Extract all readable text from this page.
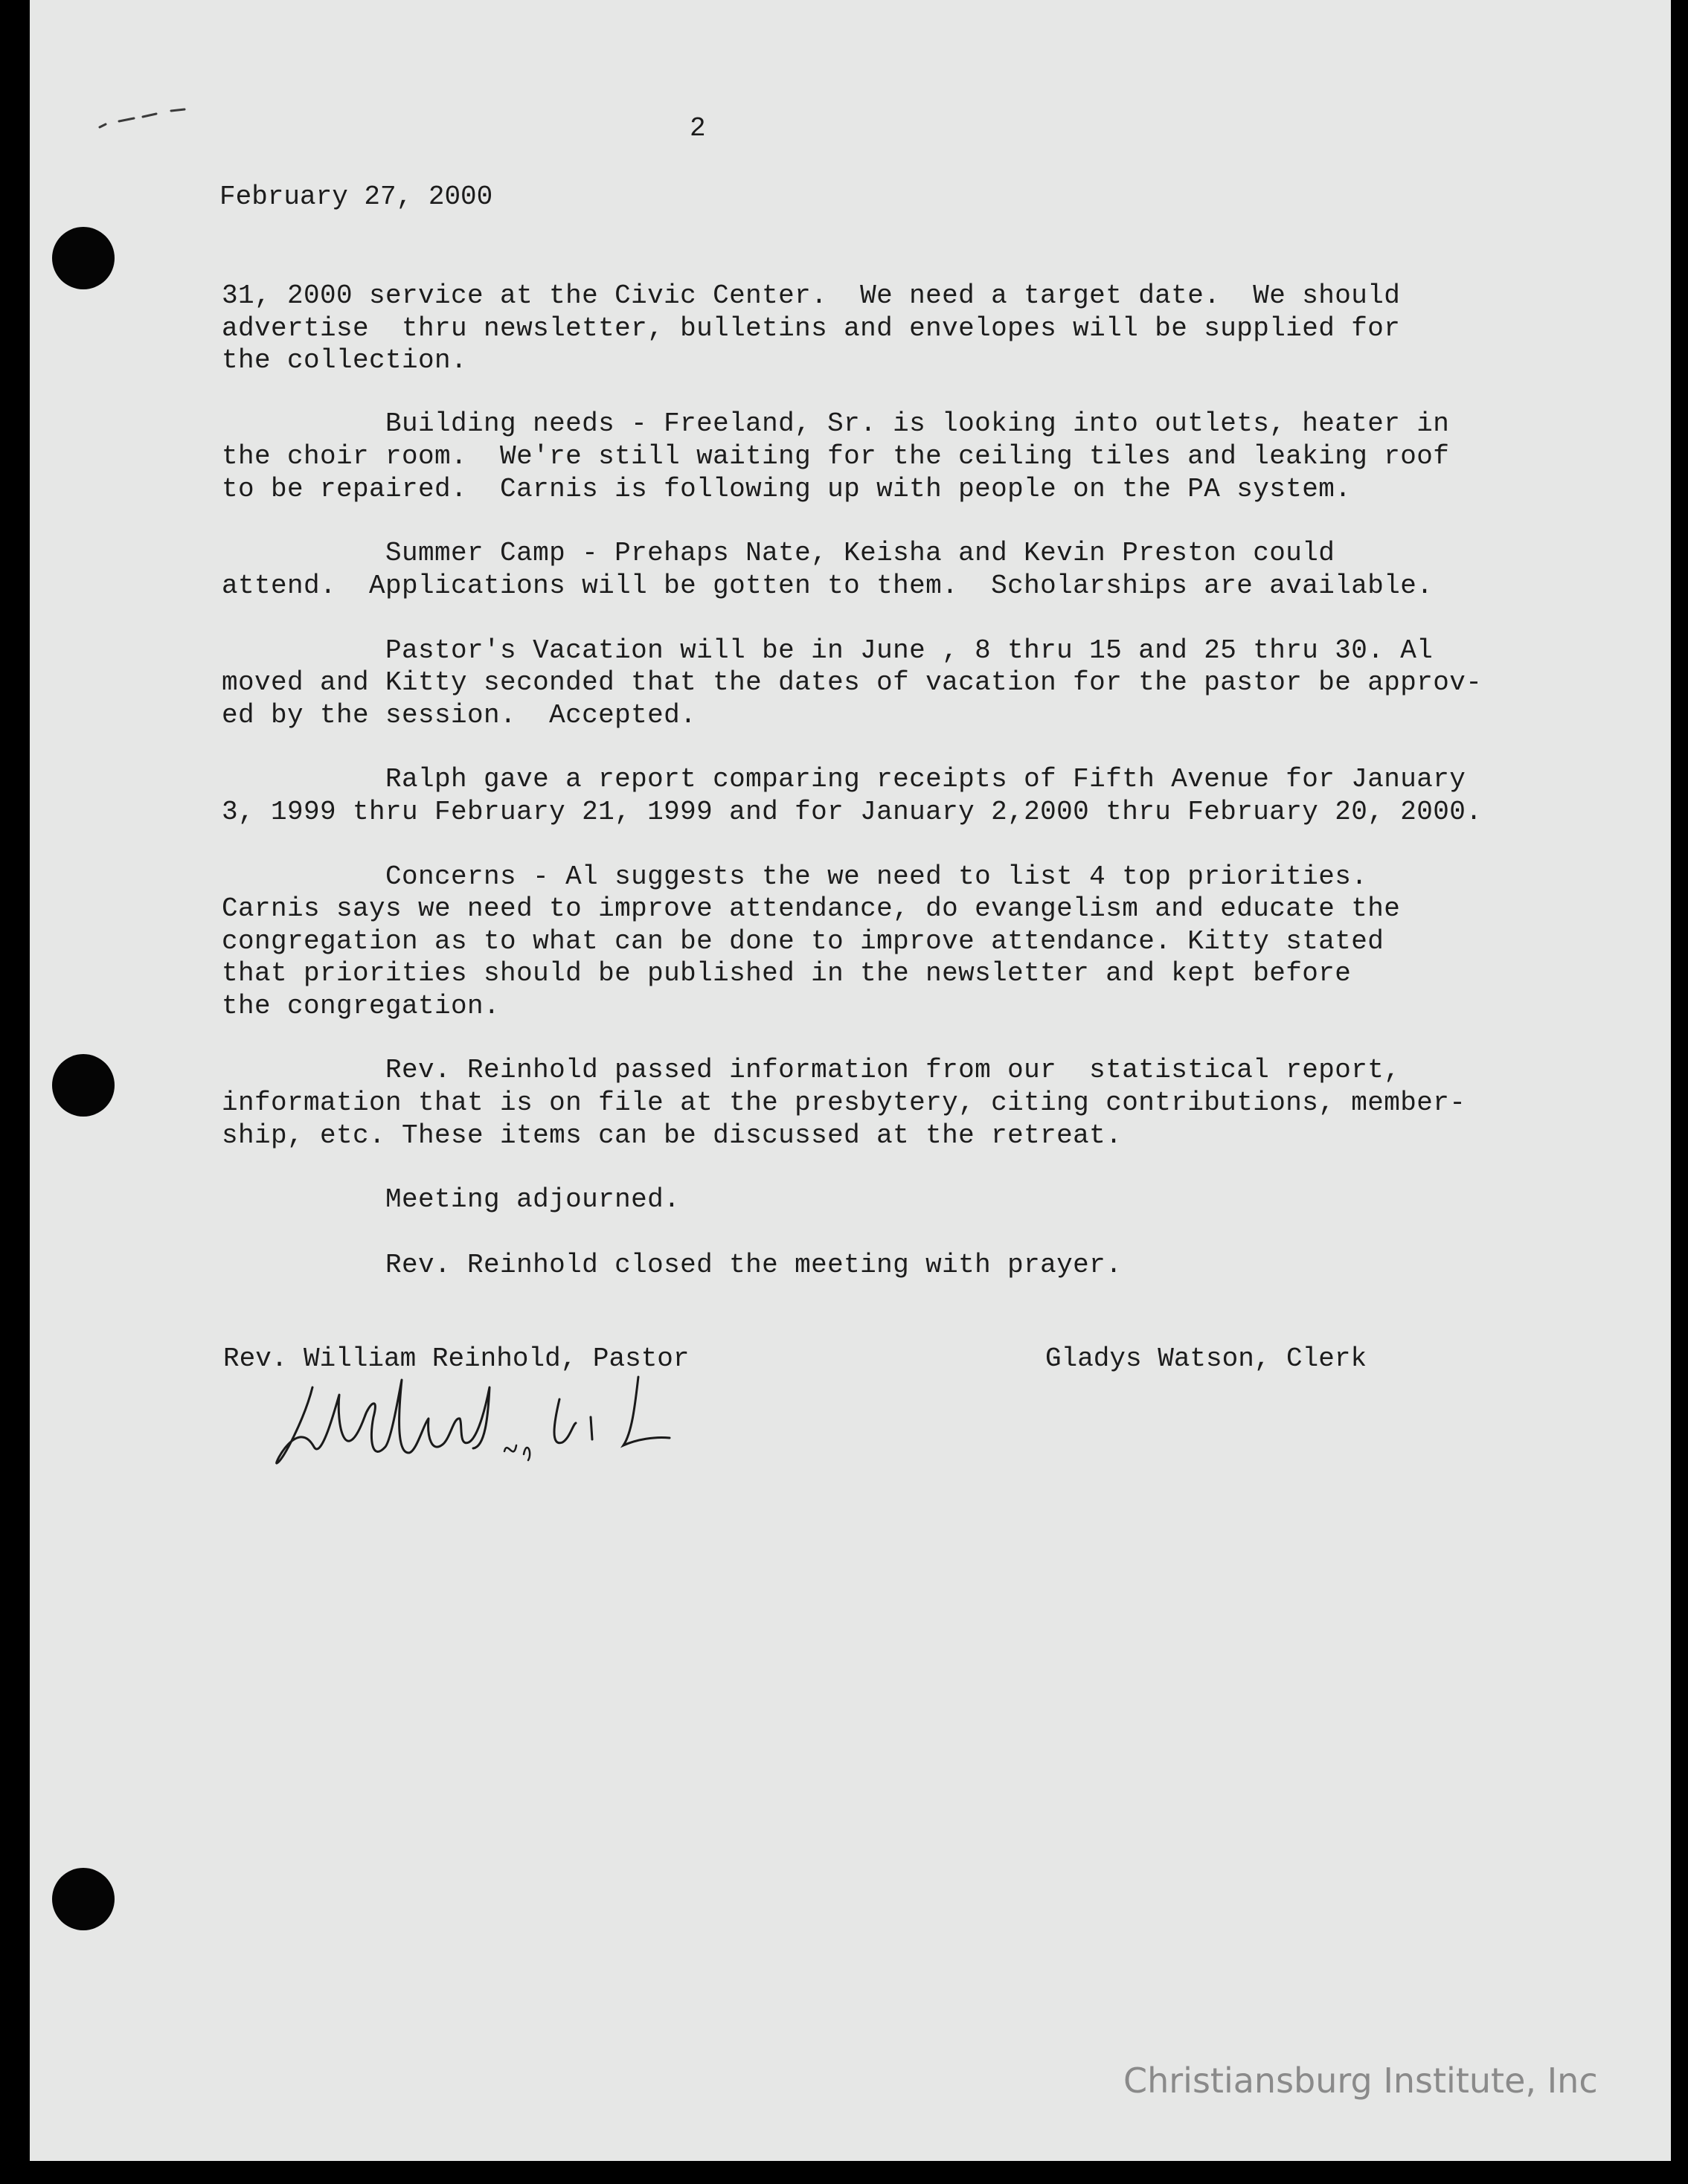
2
February 27, 2000
31, 2000 service at the Civic Center.  We need a target date.  We should
advertise  thru newsletter, bulletins and envelopes will be supplied for
the collection.
Building needs - Freeland, Sr. is looking into outlets, heater in
the choir room.  We're still waiting for the ceiling tiles and leaking roof
to be repaired.  Carnis is following up with people on the PA system.
Summer Camp - Prehaps Nate, Keisha and Kevin Preston could
attend.  Applications will be gotten to them.  Scholarships are available.
Pastor's Vacation will be in June , 8 thru 15 and 25 thru 30. Al
moved and Kitty seconded that the dates of vacation for the pastor be approv-
ed by the session.  Accepted.
Ralph gave a report comparing receipts of Fifth Avenue for January
3, 1999 thru February 21, 1999 and for January 2,2000 thru February 20, 2000.
Concerns - Al suggests the we need to list 4 top priorities.
Carnis says we need to improve attendance, do evangelism and educate the
congregation as to what can be done to improve attendance. Kitty stated
that priorities should be published in the newsletter and kept before
the congregation.
Rev. Reinhold passed information from our  statistical report,
information that is on file at the presbytery, citing contributions, member-
ship, etc. These items can be discussed at the retreat.
Meeting adjourned.
Rev. Reinhold closed the meeting with prayer.
Rev. William Reinhold, Pastor	Gladys Watson, Clerk
Christiansburg Institute, Inc
